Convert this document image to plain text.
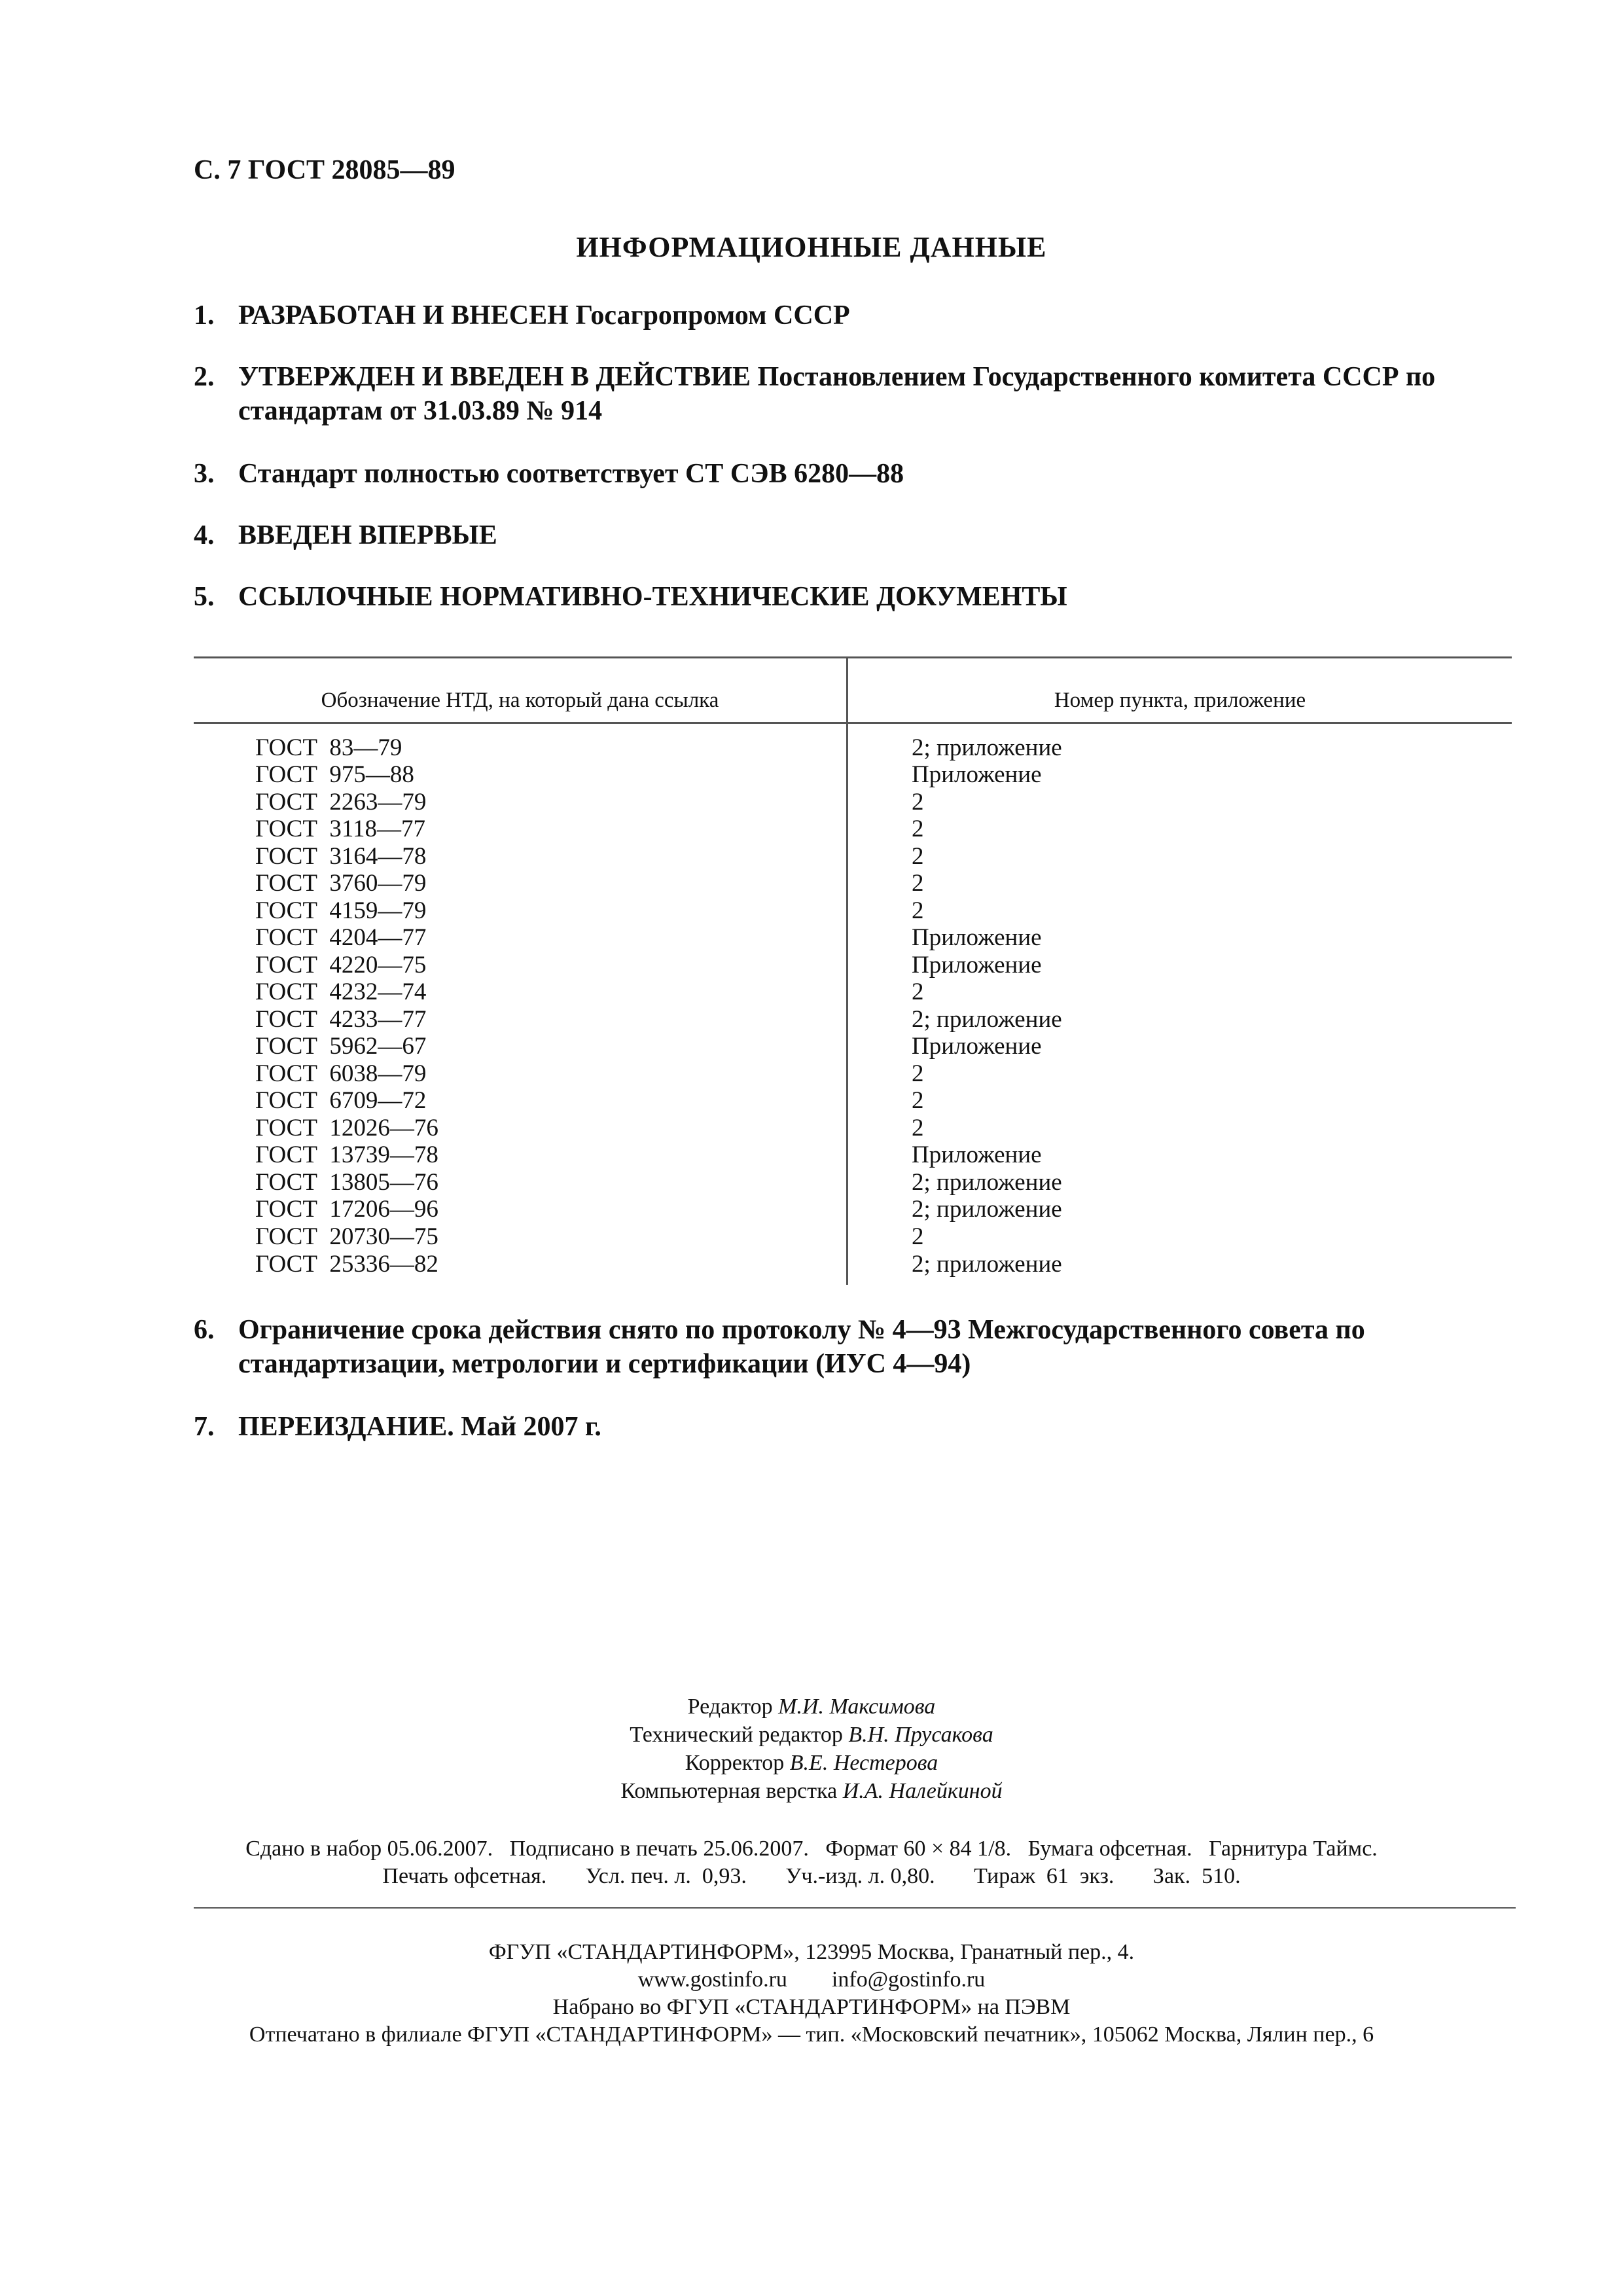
С. 7 ГОСТ 28085—89
ИНФОРМАЦИОННЫЕ ДАННЫЕ
1. РАЗРАБОТАН И ВНЕСЕН Госагропромом СССР
2. УТВЕРЖДЕН И ВВЕДЕН В ДЕЙСТВИЕ Постановлением Государственного комитета СССР по стандартам от 31.03.89 № 914
3. Стандарт полностью соответствует СТ СЭВ 6280—88
4. ВВЕДЕН ВПЕРВЫЕ
5. ССЫЛОЧНЫЕ НОРМАТИВНО-ТЕХНИЧЕСКИЕ ДОКУМЕНТЫ
Обозначение НТД, на который дана ссылка	Номер пункта, приложение
ГОСТ  83—79	2; приложение
ГОСТ  975—88	Приложение
ГОСТ  2263—79	2
ГОСТ  3118—77	2
ГОСТ  3164—78	2
ГОСТ  3760—79	2
ГОСТ  4159—79	2
ГОСТ  4204—77	Приложение
ГОСТ  4220—75	Приложение
ГОСТ  4232—74	2
ГОСТ  4233—77	2; приложение
ГОСТ  5962—67	Приложение
ГОСТ  6038—79	2
ГОСТ  6709—72	2
ГОСТ  12026—76	2
ГОСТ  13739—78	Приложение
ГОСТ  13805—76	2; приложение
ГОСТ  17206—96	2; приложение
ГОСТ  20730—75	2
ГОСТ  25336—82	2; приложение
6. Ограничение срока действия снято по протоколу № 4—93 Межгосударственного совета по стандартизации, метрологии и сертификации (ИУС 4—94)
7. ПЕРЕИЗДАНИЕ. Май 2007 г.
Редактор М.И. Максимова
Технический редактор В.Н. Прусакова
Корректор В.Е. Нестерова
Компьютерная верстка И.А. Налейкиной
Сдано в набор 05.06.2007.   Подписано в печать 25.06.2007.   Формат 60 × 84 1/8.   Бумага офсетная.   Гарнитура Таймс.
Печать офсетная.       Усл. печ. л.  0,93.       Уч.-изд. л. 0,80.       Тираж  61  экз.       Зак.  510.
ФГУП «СТАНДАРТИНФОРМ», 123995 Москва, Гранатный пер., 4.
www.gostinfo.ru        info@gostinfo.ru
Набрано во ФГУП «СТАНДАРТИНФОРМ» на ПЭВМ
Отпечатано в филиале ФГУП «СТАНДАРТИНФОРМ» — тип. «Московский печатник», 105062 Москва, Лялин пер., 6
